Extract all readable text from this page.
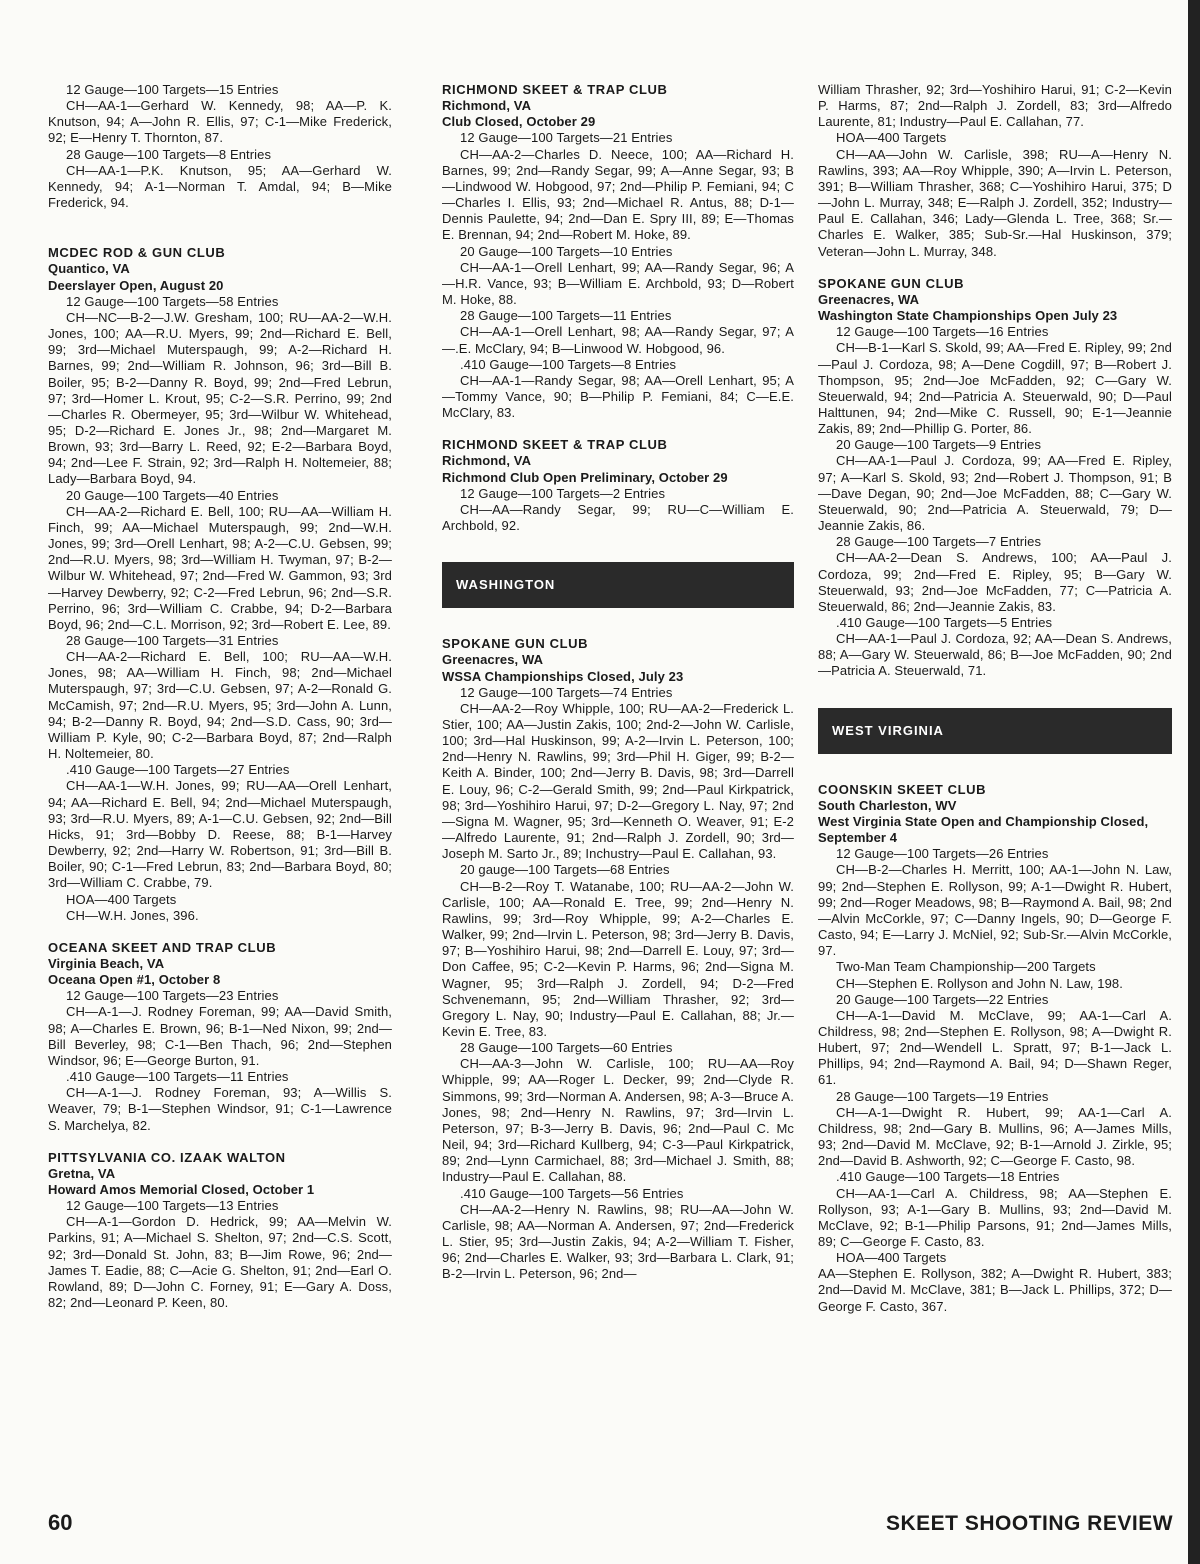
12 Gauge—100 Targets—15 Entries
CH—AA-1—Gerhard W. Kennedy, 98; AA—P. K. Knutson, 94; A—John R. Ellis, 97; C-1—Mike Frederick, 92; E—Henry T. Thornton, 87.
28 Gauge—100 Targets—8 Entries
CH—AA-1—P.K. Knutson, 95; AA—Gerhard W. Kennedy, 94; A-1—Norman T. Amdal, 94; B—Mike Frederick, 94.
MCDEC ROD & GUN CLUB
Quantico, VA
Deerslayer Open, August 20
12 Gauge—100 Targets—58 Entries
CH—NC—B-2—J.W. Gresham, 100; RU—AA-2—W.H. Jones, 100; AA—R.U. Myers, 99; 2nd—Richard E. Bell, 99; 3rd—Michael Muterspaugh, 99; A-2—Richard H. Barnes, 99; 2nd—William R. Johnson, 96; 3rd—Bill B. Boiler, 95; B-2—Danny R. Boyd, 99; 2nd—Fred Lebrun, 97; 3rd—Homer L. Krout, 95; C-2—S.R. Perrino, 99; 2nd—Charles R. Obermeyer, 95; 3rd—Wilbur W. Whitehead, 95; D-2—Richard E. Jones Jr., 98; 2nd—Margaret M. Brown, 93; 3rd—Barry L. Reed, 92; E-2—Barbara Boyd, 94; 2nd—Lee F. Strain, 92; 3rd—Ralph H. Noltemeier, 88; Lady—Barbara Boyd, 94.
20 Gauge—100 Targets—40 Entries
CH—AA-2—Richard E. Bell, 100; RU—AA—William H. Finch, 99; AA—Michael Muterspaugh, 99; 2nd—W.H. Jones, 99; 3rd—Orell Lenhart, 98; A-2—C.U. Gebsen, 99; 2nd—R.U. Myers, 98; 3rd—William H. Twyman, 97; B-2—Wilbur W. Whitehead, 97; 2nd—Fred W. Gammon, 93; 3rd—Harvey Dewberry, 92; C-2—Fred Lebrun, 96; 2nd—S.R. Perrino, 96; 3rd—William C. Crabbe, 94; D-2—Barbara Boyd, 96; 2nd—C.L. Morrison, 92; 3rd—Robert E. Lee, 89.
28 Gauge—100 Targets—31 Entries
CH—AA-2—Richard E. Bell, 100; RU—AA—W.H. Jones, 98; AA—William H. Finch, 98; 2nd—Michael Muterspaugh, 97; 3rd—C.U. Gebsen, 97; A-2—Ronald G. McCamish, 97; 2nd—R.U. Myers, 95; 3rd—John A. Lunn, 94; B-2—Danny R. Boyd, 94; 2nd—S.D. Cass, 90; 3rd—William P. Kyle, 90; C-2—Barbara Boyd, 87; 2nd—Ralph H. Noltemeier, 80.
.410 Gauge—100 Targets—27 Entries
CH—AA-1—W.H. Jones, 99; RU—AA—Orell Lenhart, 94; AA—Richard E. Bell, 94; 2nd—Michael Muterspaugh, 93; 3rd—R.U. Myers, 89; A-1—C.U. Gebsen, 92; 2nd—Bill Hicks, 91; 3rd—Bobby D. Reese, 88; B-1—Harvey Dewberry, 92; 2nd—Harry W. Robertson, 91; 3rd—Bill B. Boiler, 90; C-1—Fred Lebrun, 83; 2nd—Barbara Boyd, 80; 3rd—William C. Crabbe, 79.
HOA—400 Targets
CH—W.H. Jones, 396.
OCEANA SKEET AND TRAP CLUB
Virginia Beach, VA
Oceana Open #1, October 8
12 Gauge—100 Targets—23 Entries
CH—A-1—J. Rodney Foreman, 99; AA—David Smith, 98; A—Charles E. Brown, 96; B-1—Ned Nixon, 99; 2nd—Bill Beverley, 98; C-1—Ben Thach, 96; 2nd—Stephen Windsor, 96; E—George Burton, 91.
.410 Gauge—100 Targets—11 Entries
CH—A-1—J. Rodney Foreman, 93; A—Willis S. Weaver, 79; B-1—Stephen Windsor, 91; C-1—Lawrence S. Marchelya, 82.
PITTSYLVANIA CO. IZAAK WALTON
Gretna, VA
Howard Amos Memorial Closed, October 1
12 Gauge—100 Targets—13 Entries
CH—A-1—Gordon D. Hedrick, 99; AA—Melvin W. Parkins, 91; A—Michael S. Shelton, 97; 2nd—C.S. Scott, 92; 3rd—Donald St. John, 83; B—Jim Rowe, 96; 2nd—James T. Eadie, 88; C—Acie G. Shelton, 91; 2nd—Earl O. Rowland, 89; D—John C. Forney, 91; E—Gary A. Doss, 82; 2nd—Leonard P. Keen, 80.
RICHMOND SKEET & TRAP CLUB
Richmond, VA
Club Closed, October 29
12 Gauge—100 Targets—21 Entries
CH—AA-2—Charles D. Neece, 100; AA—Richard H. Barnes, 99; 2nd—Randy Segar, 99; A—Anne Segar, 93; B—Lindwood W. Hobgood, 97; 2nd—Philip P. Femiani, 94; C—Charles I. Ellis, 93; 2nd—Michael R. Antus, 88; D-1—Dennis Paulette, 94; 2nd—Dan E. Spry III, 89; E—Thomas E. Brennan, 94; 2nd—Robert M. Hoke, 89.
20 Gauge—100 Targets—10 Entries
CH—AA-1—Orell Lenhart, 99; AA—Randy Segar, 96; A—H.R. Vance, 93; B—William E. Archbold, 93; D—Robert M. Hoke, 88.
28 Gauge—100 Targets—11 Entries
CH—AA-1—Orell Lenhart, 98; AA—Randy Segar, 97; A—.E. McClary, 94; B—Linwood W. Hobgood, 96.
.410 Gauge—100 Targets—8 Entries
CH—AA-1—Randy Segar, 98; AA—Orell Lenhart, 95; A—Tommy Vance, 90; B—Philip P. Femiani, 84; C—E.E. McClary, 83.
RICHMOND SKEET & TRAP CLUB
Richmond, VA
Richmond Club Open Preliminary, October 29
12 Gauge—100 Targets—2 Entries
CH—AA—Randy Segar, 99; RU—C—William E. Archbold, 92.
WASHINGTON
SPOKANE GUN CLUB
Greenacres, WA
WSSA Championships Closed, July 23
12 Gauge—100 Targets—74 Entries
CH—AA-2—Roy Whipple, 100; RU—AA-2—Frederick L. Stier, 100; AA—Justin Zakis, 100; 2nd-2—John W. Carlisle, 100; 3rd—Hal Huskinson, 99; A-2—Irvin L. Peterson, 100; 2nd—Henry N. Rawlins, 99; 3rd—Phil H. Giger, 99; B-2—Keith A. Binder, 100; 2nd—Jerry B. Davis, 98; 3rd—Darrell E. Louy, 96; C-2—Gerald Smith, 99; 2nd—Paul Kirkpatrick, 98; 3rd—Yoshihiro Harui, 97; D-2—Gregory L. Nay, 97; 2nd—Signa M. Wagner, 95; 3rd—Kenneth O. Weaver, 91; E-2—Alfredo Laurente, 91; 2nd—Ralph J. Zordell, 90; 3rd—Joseph M. Sarto Jr., 89; Inchustry—Paul E. Callahan, 93.
20 gauge—100 Targets—68 Entries
CH—B-2—Roy T. Watanabe, 100; RU—AA-2—John W. Carlisle, 100; AA—Ronald E. Tree, 99; 2nd—Henry N. Rawlins, 99; 3rd—Roy Whipple, 99; A-2—Charles E. Walker, 99; 2nd—Irvin L. Peterson, 98; 3rd—Jerry B. Davis, 97; B—Yoshihiro Harui, 98; 2nd—Darrell E. Louy, 97; 3rd—Don Caffee, 95; C-2—Kevin P. Harms, 96; 2nd—Signa M. Wagner, 95; 3rd—Ralph J. Zordell, 94; D-2—Fred Schvenemann, 95; 2nd—William Thrasher, 92; 3rd—Gregory L. Nay, 90; Industry—Paul E. Callahan, 88; Jr.—Kevin E. Tree, 83.
28 Gauge—100 Targets—60 Entries
CH—AA-3—John W. Carlisle, 100; RU—AA—Roy Whipple, 99; AA—Roger L. Decker, 99; 2nd—Clyde R. Simmons, 99; 3rd—Norman A. Andersen, 98; A-3—Bruce A. Jones, 98; 2nd—Henry N. Rawlins, 97; 3rd—Irvin L. Peterson, 97; B-3—Jerry B. Davis, 96; 2nd—Paul C. Mc Neil, 94; 3rd—Richard Kullberg, 94; C-3—Paul Kirkpatrick, 89; 2nd—Lynn Carmichael, 88; 3rd—Michael J. Smith, 88; Industry—Paul E. Callahan, 88.
.410 Gauge—100 Targets—56 Entries
CH—AA-2—Henry N. Rawlins, 98; RU—AA—John W. Carlisle, 98; AA—Norman A. Andersen, 97; 2nd—Frederick L. Stier, 95; 3rd—Justin Zakis, 94; A-2—William T. Fisher, 96; 2nd—Charles E. Walker, 93; 3rd—Barbara L. Clark, 91; B-2—Irvin L. Peterson, 96; 2nd—
William Thrasher, 92; 3rd—Yoshihiro Harui, 91; C-2—Kevin P. Harms, 87; 2nd—Ralph J. Zordell, 83; 3rd—Alfredo Laurente, 81; Industry—Paul E. Callahan, 77.
HOA—400 Targets
CH—AA—John W. Carlisle, 398; RU—A—Henry N. Rawlins, 393; AA—Roy Whipple, 390; A—Irvin L. Peterson, 391; B—William Thrasher, 368; C—Yoshihiro Harui, 375; D—John L. Murray, 348; E—Ralph J. Zordell, 352; Industry—Paul E. Callahan, 346; Lady—Glenda L. Tree, 368; Sr.—Charles E. Walker, 385; Sub-Sr.—Hal Huskinson, 379; Veteran—John L. Murray, 348.
SPOKANE GUN CLUB
Greenacres, WA
Washington State Championships Open July 23
12 Gauge—100 Targets—16 Entries
CH—B-1—Karl S. Skold, 99; AA—Fred E. Ripley, 99; 2nd—Paul J. Cordoza, 98; A—Dene Cogdill, 97; B—Robert J. Thompson, 95; 2nd—Joe McFadden, 92; C—Gary W. Steuerwald, 94; 2nd—Patricia A. Steuerwald, 90; D—Paul Halttunen, 94; 2nd—Mike C. Russell, 90; E-1—Jeannie Zakis, 89; 2nd—Phillip G. Porter, 86.
20 Gauge—100 Targets—9 Entries
CH—AA-1—Paul J. Cordoza, 99; AA—Fred E. Ripley, 97; A—Karl S. Skold, 93; 2nd—Robert J. Thompson, 91; B—Dave Degan, 90; 2nd—Joe McFadden, 88; C—Gary W. Steuerwald, 90; 2nd—Patricia A. Steuerwald, 79; D—Jeannie Zakis, 86.
28 Gauge—100 Targets—7 Entries
CH—AA-2—Dean S. Andrews, 100; AA—Paul J. Cordoza, 99; 2nd—Fred E. Ripley, 95; B—Gary W. Steuerwald, 93; 2nd—Joe McFadden, 77; C—Patricia A. Steuerwald, 86; 2nd—Jeannie Zakis, 83.
.410 Gauge—100 Targets—5 Entries
CH—AA-1—Paul J. Cordoza, 92; AA—Dean S. Andrews, 88; A—Gary W. Steuerwald, 86; B—Joe McFadden, 90; 2nd—Patricia A. Steuerwald, 71.
WEST VIRGINIA
COONSKIN SKEET CLUB
South Charleston, WV
West Virginia State Open and Championship Closed, September 4
12 Gauge—100 Targets—26 Entries
CH—B-2—Charles H. Merritt, 100; AA-1—John N. Law, 99; 2nd—Stephen E. Rollyson, 99; A-1—Dwight R. Hubert, 99; 2nd—Roger Meadows, 98; B—Raymond A. Bail, 98; 2nd—Alvin McCorkle, 97; C—Danny Ingels, 90; D—George F. Casto, 94; E—Larry J. McNiel, 92; Sub-Sr.—Alvin McCorkle, 97.
Two-Man Team Championship—200 Targets
CH—Stephen E. Rollyson and John N. Law, 198.
20 Gauge—100 Targets—22 Entries
CH—A-1—David M. McClave, 99; AA-1—Carl A. Childress, 98; 2nd—Stephen E. Rollyson, 98; A—Dwight R. Hubert, 97; 2nd—Wendell L. Spratt, 97; B-1—Jack L. Phillips, 94; 2nd—Raymond A. Bail, 94; D—Shawn Reger, 61.
28 Gauge—100 Targets—19 Entries
CH—A-1—Dwight R. Hubert, 99; AA-1—Carl A. Childress, 98; 2nd—Gary B. Mullins, 96; A—James Mills, 93; 2nd—David M. McClave, 92; B-1—Arnold J. Zirkle, 95; 2nd—David B. Ashworth, 92; C—George F. Casto, 98.
.410 Gauge—100 Targets—18 Entries
CH—AA-1—Carl A. Childress, 98; AA—Stephen E. Rollyson, 93; A-1—Gary B. Mullins, 93; 2nd—David M. McClave, 92; B-1—Philip Parsons, 91; 2nd—James Mills, 89; C—George F. Casto, 83.
HOA—400 Targets
AA—Stephen E. Rollyson, 382; A—Dwight R. Hubert, 383; 2nd—David M. McClave, 381; B—Jack L. Phillips, 372; D—George F. Casto, 367.
60	SKEET SHOOTING REVIEW
